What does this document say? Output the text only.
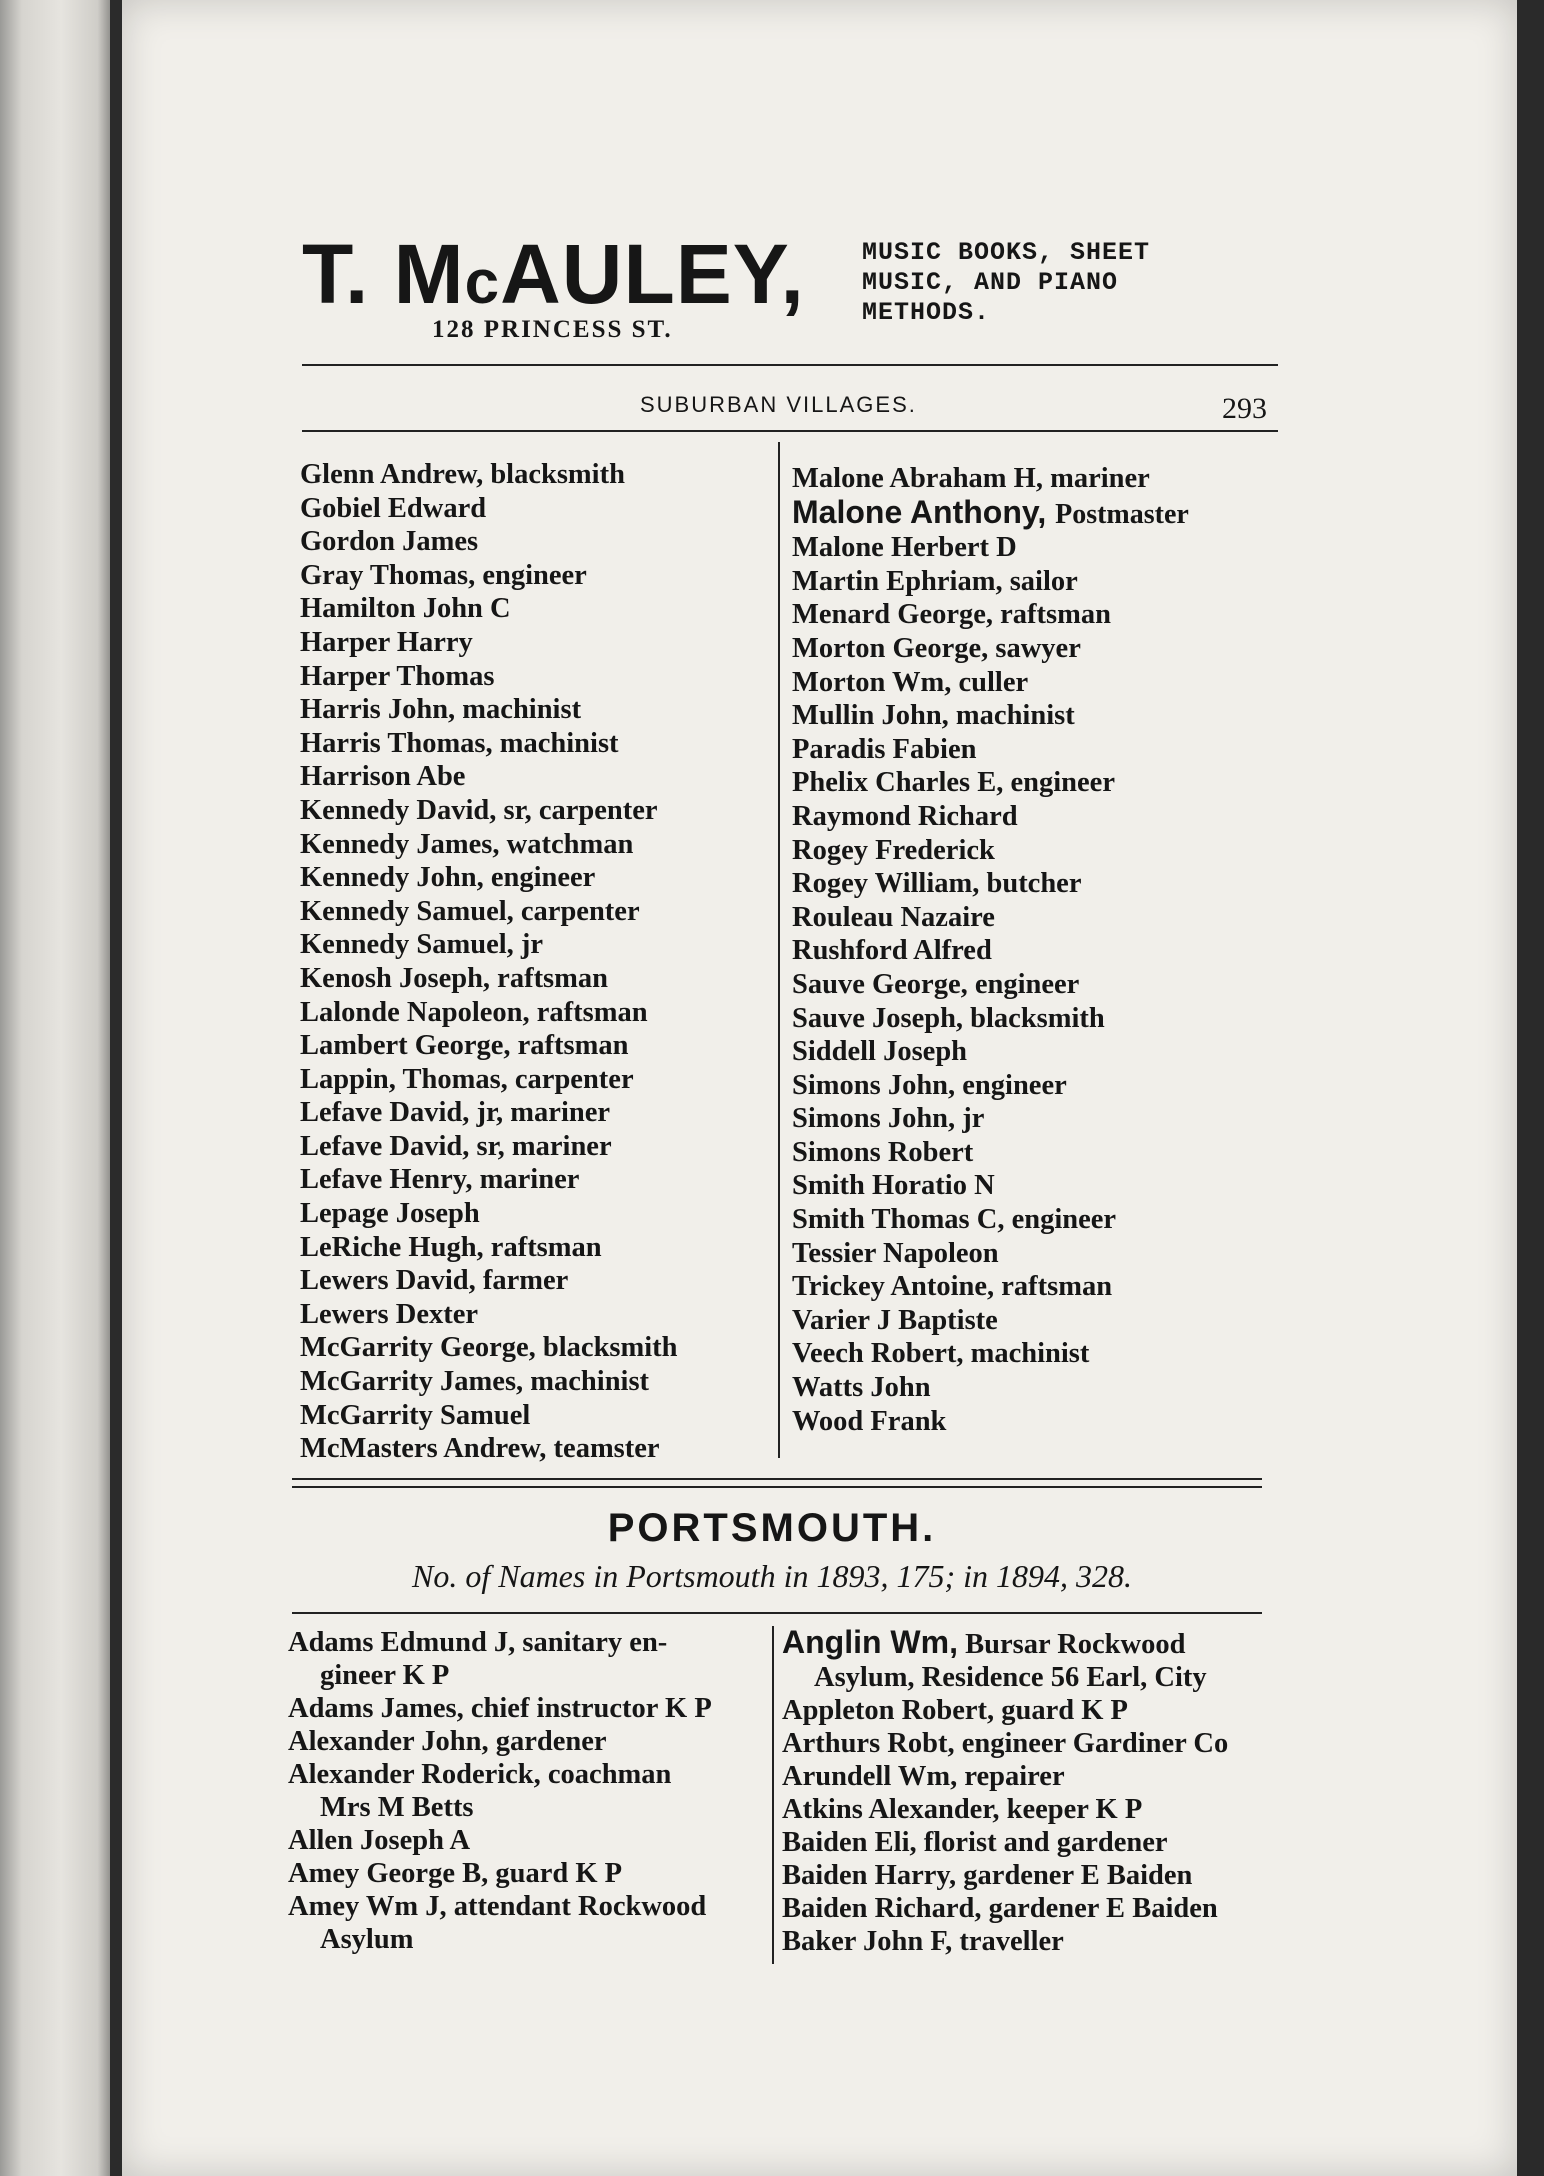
T. McAULEY,
128 PRINCESS ST.
MUSIC BOOKS, SHEET
MUSIC, AND PIANO
METHODS.
SUBURBAN VILLAGES.	293
Glenn Andrew, blacksmith
Gobiel Edward
Gordon James
Gray Thomas, engineer
Hamilton John C
Harper Harry
Harper Thomas
Harris John, machinist
Harris Thomas, machinist
Harrison Abe
Kennedy David, sr, carpenter
Kennedy James, watchman
Kennedy John, engineer
Kennedy Samuel, carpenter
Kennedy Samuel, jr
Kenosh Joseph, raftsman
Lalonde Napoleon, raftsman
Lambert George, raftsman
Lappin, Thomas, carpenter
Lefave David, jr, mariner
Lefave David, sr, mariner
Lefave Henry, mariner
Lepage Joseph
LeRiche Hugh, raftsman
Lewers David, farmer
Lewers Dexter
McGarrity George, blacksmith
McGarrity James, machinist
McGarrity Samuel
McMasters Andrew, teamster
Malone Abraham H, mariner
Malone Anthony, Postmaster
Malone Herbert D
Martin Ephriam, sailor
Menard George, raftsman
Morton George, sawyer
Morton Wm, culler
Mullin John, machinist
Paradis Fabien
Phelix Charles E, engineer
Raymond Richard
Rogey Frederick
Rogey William, butcher
Rouleau Nazaire
Rushford Alfred
Sauve George, engineer
Sauve Joseph, blacksmith
Siddell Joseph
Simons John, engineer
Simons John, jr
Simons Robert
Smith Horatio N
Smith Thomas C, engineer
Tessier Napoleon
Trickey Antoine, raftsman
Varier J Baptiste
Veech Robert, machinist
Watts John
Wood Frank
PORTSMOUTH.
No. of Names in Portsmouth in 1893, 175; in 1894, 328.
Adams Edmund J, sanitary en-
gineer K P
Adams James, chief instructor K P
Alexander John, gardener
Alexander Roderick, coachman
Mrs M Betts
Allen Joseph A
Amey George B, guard K P
Amey Wm J, attendant Rockwood
Asylum
Anglin Wm, Bursar Rockwood
Asylum, Residence 56 Earl, City
Appleton Robert, guard K P
Arthurs Robt, engineer Gardiner Co
Arundell Wm, repairer
Atkins Alexander, keeper K P
Baiden Eli, florist and gardener
Baiden Harry, gardener E Baiden
Baiden Richard, gardener E Baiden
Baker John F, traveller
